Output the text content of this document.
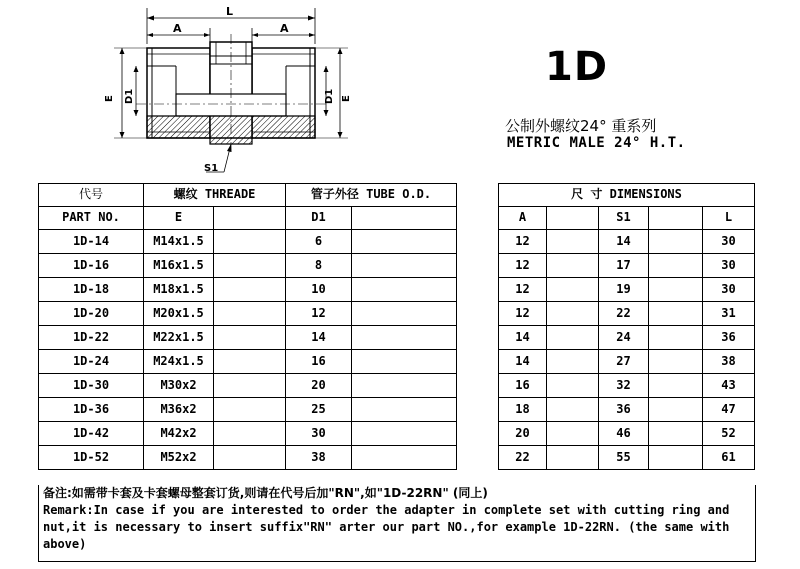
L
A	A
E D1	E
D1
S1
1D
公制外螺纹24° 重系列
METRIC MALE 24° H.T.
代号	螺纹 THREADE		管子外径 TUBE O.D.			尺 寸 DIMENSIONS				
PART NO.	E		D1			A		S1		L
1D-14	M14x1.5		6			12		14		30
1D-16	M16x1.5		8			12		17		30
1D-18	M18x1.5		10			12		19		30
1D-20	M20x1.5		12			12		22		31
1D-22	M22x1.5		14			14		24		36
1D-24	M24x1.5		16			14		27		38
1D-30	M30x2		20			16		32		43
1D-36	M36x2		25			18		36		47
1D-42	M42x2		30			20		46		52
1D-52	M52x2		38			22		55		61
备注:如需带卡套及卡套螺母整套订货,则请在代号后加"RN",如"1D-22RN" (同上)
Remark:In case if you are interested to order the adapter in complete set with cutting ring and
nut,it is necessary to insert suffix"RN" arter our part NO.,for example 1D-22RN. (the same with
above)
